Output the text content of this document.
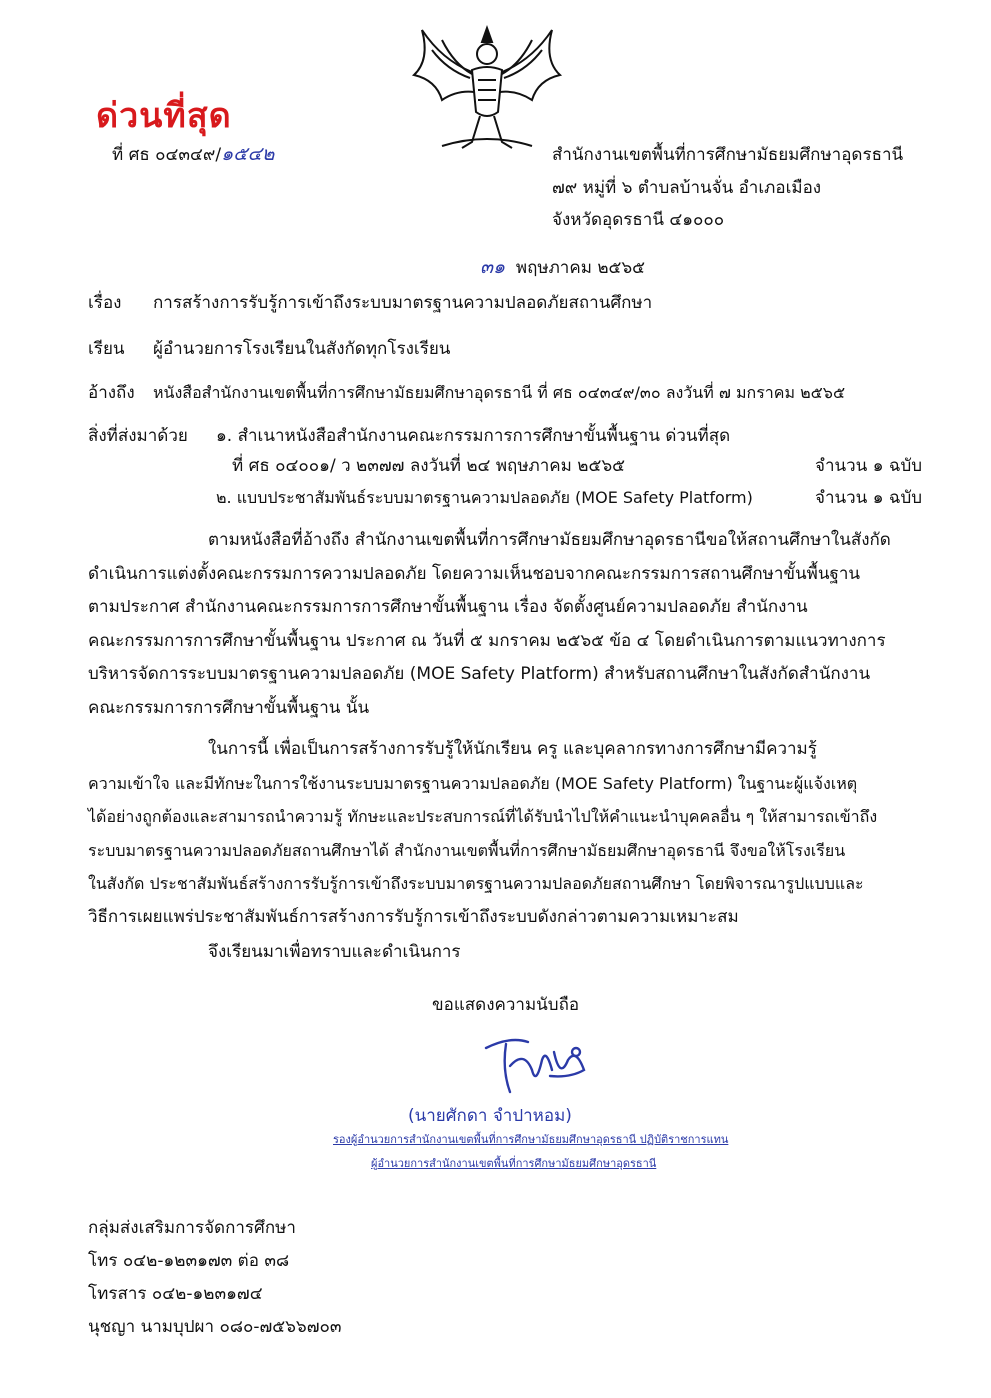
ด่วนที่สุด
ที่ ศธ ๐๔๓๔๙/๑๕๔๒	สำนักงานเขตพื้นที่การศึกษามัธยมศึกษาอุดรธานี
๗๙ หมู่ที่ ๖ ตำบลบ้านจั่น อำเภอเมือง
จังหวัดอุดรธานี ๔๑๐๐๐
๓๑ พฤษภาคม ๒๕๖๕
เรื่อง การสร้างการรับรู้การเข้าถึงระบบมาตรฐานความปลอดภัยสถานศึกษา
เรียน ผู้อำนวยการโรงเรียนในสังกัดทุกโรงเรียน
อ้างถึง หนังสือสำนักงานเขตพื้นที่การศึกษามัธยมศึกษาอุดรธานี ที่ ศธ ๐๔๓๔๙/๓๐ ลงวันที่ ๗ มกราคม ๒๕๖๕
สิ่งที่ส่งมาด้วย ๑. สำเนาหนังสือสำนักงานคณะกรรมการการศึกษาขั้นพื้นฐาน ด่วนที่สุด
ที่ ศธ ๐๔๐๐๑/ ว ๒๓๗๗ ลงวันที่ ๒๔ พฤษภาคม ๒๕๖๕	จำนวน ๑ ฉบับ
๒. แบบประชาสัมพันธ์ระบบมาตรฐานความปลอดภัย (MOE Safety Platform)	จำนวน ๑ ฉบับ

ตามหนังสือที่อ้างถึง สำนักงานเขตพื้นที่การศึกษามัธยมศึกษาอุดรธานีขอให้สถานศึกษาในสังกัด

ดำเนินการแต่งตั้งคณะกรรมการความปลอดภัย โดยความเห็นชอบจากคณะกรรมการสถานศึกษาขั้นพื้นฐาน

ตามประกาศ สำนักงานคณะกรรมการการศึกษาขั้นพื้นฐาน เรื่อง จัดตั้งศูนย์ความปลอดภัย สำนักงาน

คณะกรรมการการศึกษาขั้นพื้นฐาน ประกาศ ณ วันที่ ๕ มกราคม ๒๕๖๕ ข้อ ๔ โดยดำเนินการตามแนวทางการ

บริหารจัดการระบบมาตรฐานความปลอดภัย (MOE Safety Platform) สำหรับสถานศึกษาในสังกัดสำนักงาน

คณะกรรมการการศึกษาขั้นพื้นฐาน นั้น

ในการนี้ เพื่อเป็นการสร้างการรับรู้ให้นักเรียน ครู และบุคลากรทางการศึกษามีความรู้

ความเข้าใจ และมีทักษะในการใช้งานระบบมาตรฐานความปลอดภัย (MOE Safety Platform) ในฐานะผู้แจ้งเหตุ

ได้อย่างถูกต้องและสามารถนำความรู้ ทักษะและประสบการณ์ที่ได้รับนำไปให้คำแนะนำบุคคลอื่น ๆ ให้สามารถเข้าถึง

ระบบมาตรฐานความปลอดภัยสถานศึกษาได้ สำนักงานเขตพื้นที่การศึกษามัธยมศึกษาอุดรธานี จึงขอให้โรงเรียน

ในสังกัด ประชาสัมพันธ์สร้างการรับรู้การเข้าถึงระบบมาตรฐานความปลอดภัยสถานศึกษา โดยพิจารณารูปแบบและ

วิธีการเผยแพร่ประชาสัมพันธ์การสร้างการรับรู้การเข้าถึงระบบดังกล่าวตามความเหมาะสม

จึงเรียนมาเพื่อทราบและดำเนินการ
ขอแสดงความนับถือ
(นายศักดา จำปาหอม)
รองผู้อำนวยการสำนักงานเขตพื้นที่การศึกษามัธยมศึกษาอุดรธานี ปฏิบัติราชการแทน
ผู้อำนวยการสำนักงานเขตพื้นที่การศึกษามัธยมศึกษาอุดรธานี

กลุ่มส่งเสริมการจัดการศึกษา

โทร ๐๔๒-๑๒๓๑๗๓ ต่อ ๓๘

โทรสาร ๐๔๒-๑๒๓๑๗๔

นุชญา นามบุปผา ๐๘๐-๗๕๖๖๗๐๓
